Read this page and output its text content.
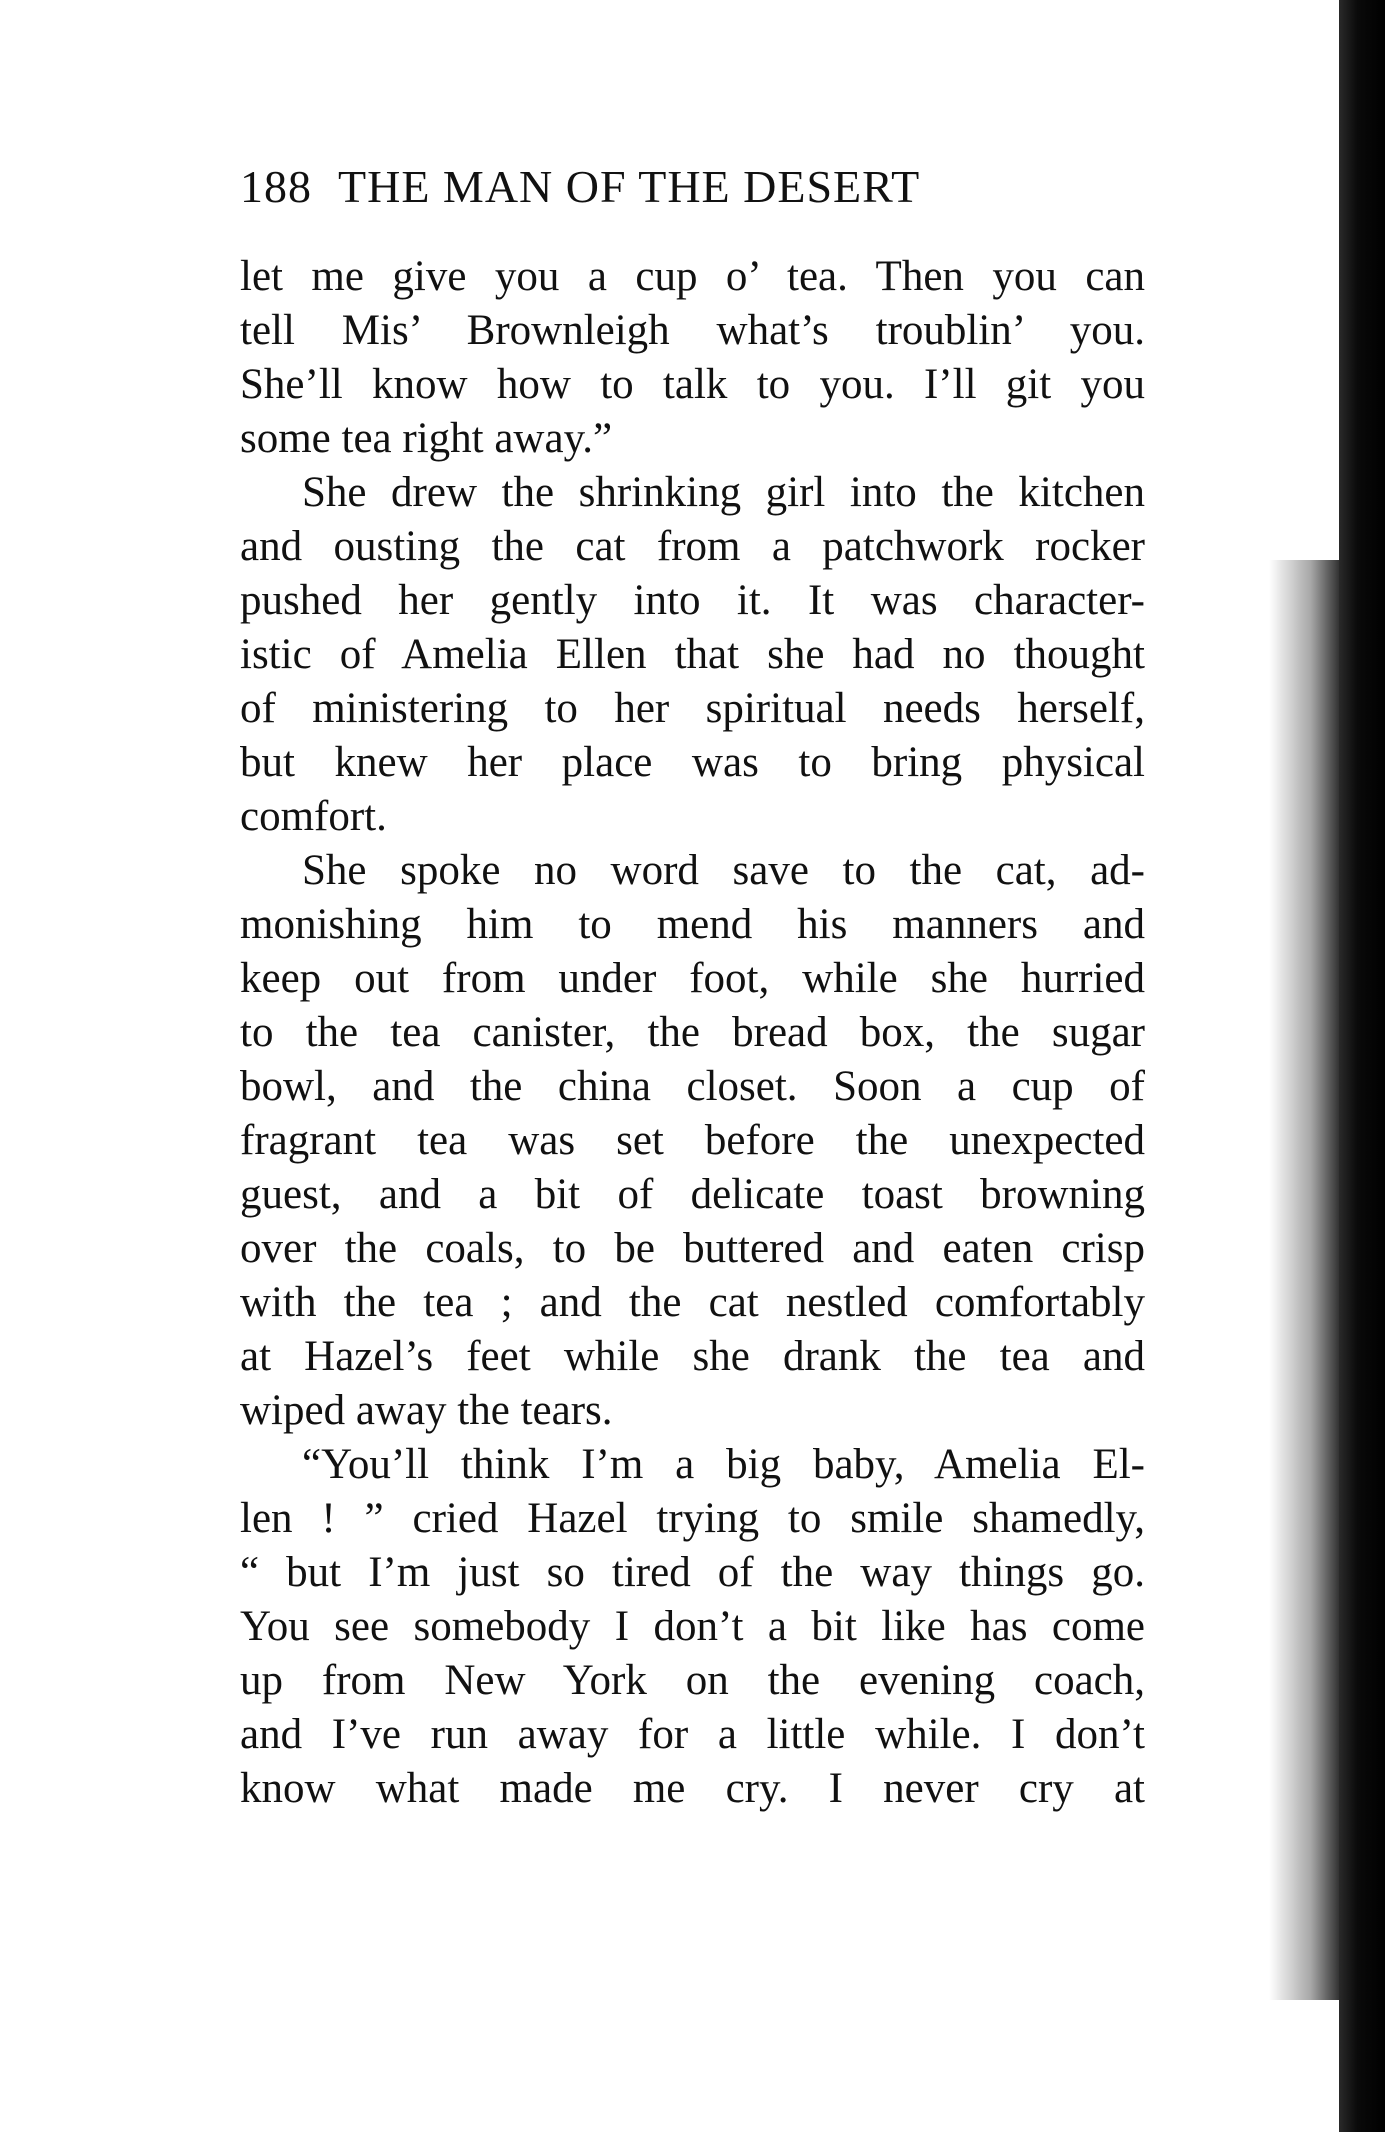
188 THE MAN OF THE DESERT
let me give you a cup o’ tea. Then you can
tell Mis’ Brownleigh what’s troublin’ you.
She’ll know how to talk to you. I’ll git you
some tea right away.”
She drew the shrinking girl into the kitchen
and ousting the cat from a patchwork rocker
pushed her gently into it. It was character-
istic of Amelia Ellen that she had no thought
of ministering to her spiritual needs herself,
but knew her place was to bring physical
comfort.
She spoke no word save to the cat, ad-
monishing him to mend his manners and
keep out from under foot, while she hurried
to the tea canister, the bread box, the sugar
bowl, and the china closet. Soon a cup of
fragrant tea was set before the unexpected
guest, and a bit of delicate toast browning
over the coals, to be buttered and eaten crisp
with the tea ; and the cat nestled comfortably
at Hazel’s feet while she drank the tea and
wiped away the tears.
“You’ll think I’m a big baby, Amelia El-
len ! ” cried Hazel trying to smile shamedly,
“ but I’m just so tired of the way things go.
You see somebody I don’t a bit like has come
up from New York on the evening coach,
and I’ve run away for a little while. I don’t
know what made me cry. I never cry at
